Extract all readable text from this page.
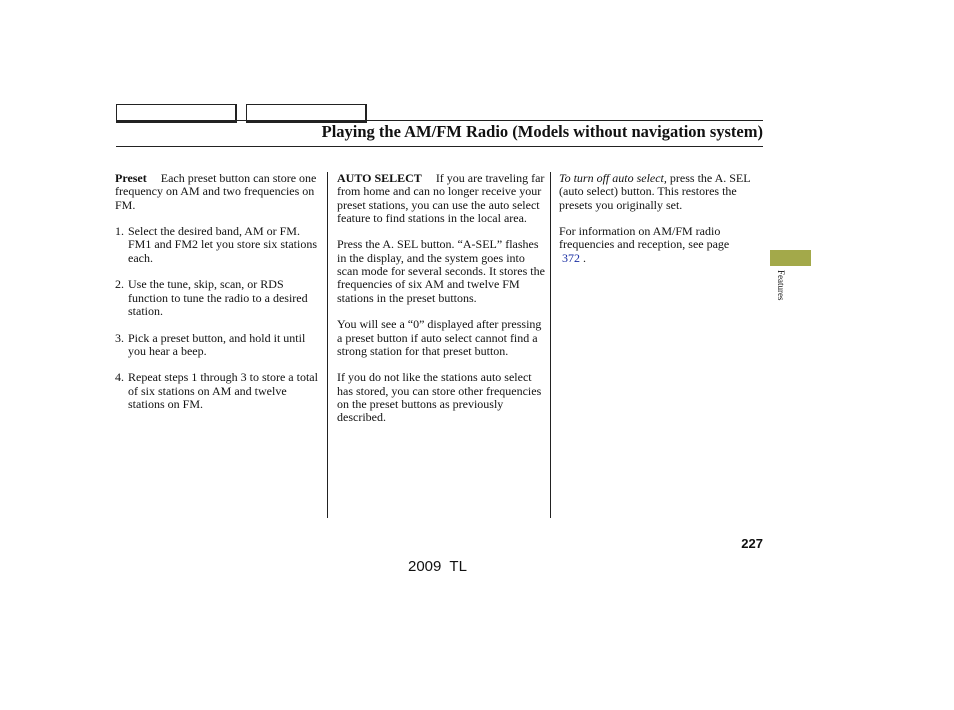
Playing the AM/FM Radio (Models without navigation system)

Preset Each preset button can store one frequency on AM and two frequencies on FM.

1. Select the desired band, AM or FM. FM1 and FM2 let you store six stations each.
2. Use the tune, skip, scan, or RDS function to tune the radio to a desired station.
3. Pick a preset button, and hold it until you hear a beep.
4. Repeat steps 1 through 3 to store a total of six stations on AM and twelve stations on FM.

AUTO SELECT If you are traveling far from home and can no longer receive your preset stations, you can use the auto select feature to find stations in the local area.

Press the A. SEL button. “A-SEL” flashes in the display, and the system goes into scan mode for several seconds. It stores the frequencies of six AM and twelve FM stations in the preset buttons.

You will see a “0” displayed after pressing a preset button if auto select cannot find a strong station for that preset button.

If you do not like the stations auto select has stored, you can store other frequencies on the preset buttons as previously described.

To turn off auto select, press the A. SEL (auto select) button. This restores the presets you originally set.

For information on AM/FM radio frequencies and reception, see page
372 .

Features
227
2009  TL
